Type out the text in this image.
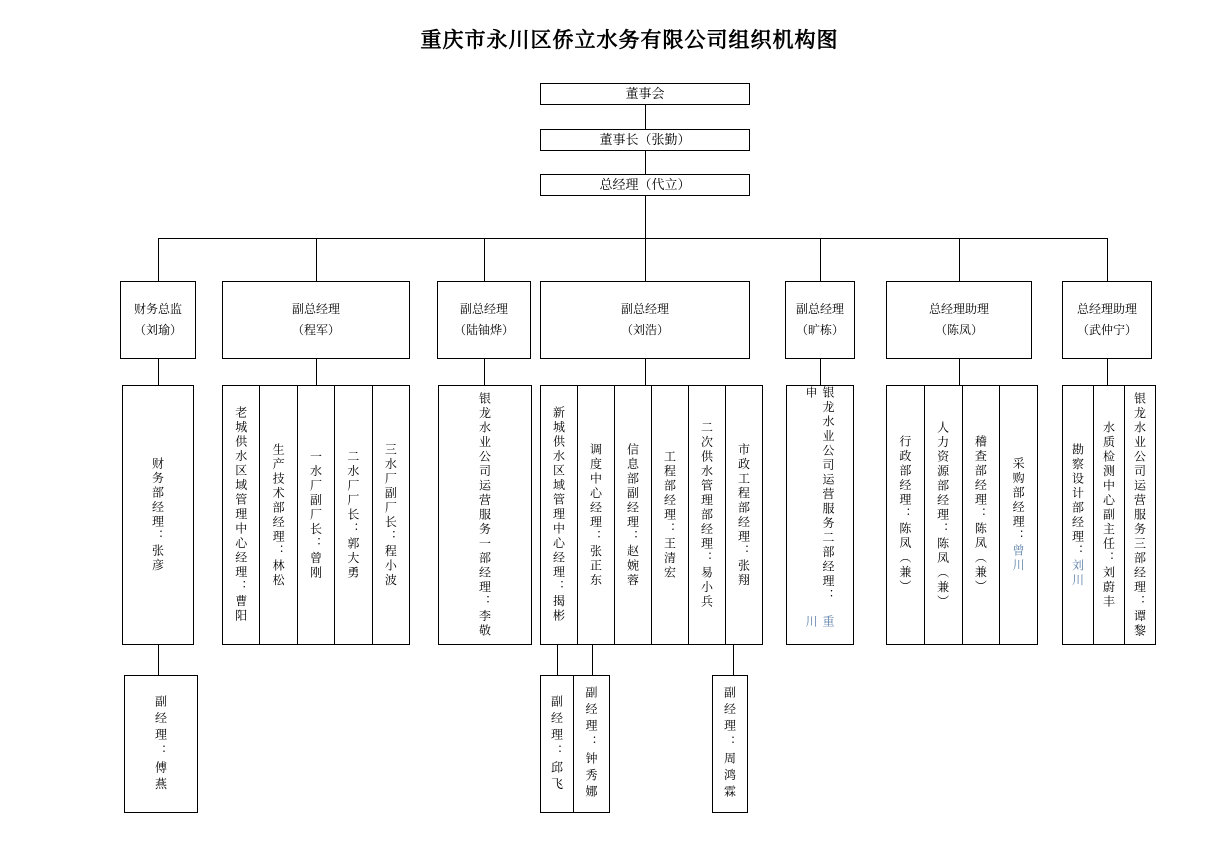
重庆市永川区侨立水务有限公司组织机构图
董事会
董事长（张勤）
总经理（代立）
财务总监
（刘瑜）
财务部经理：张彦
副总经理
（程军）
老城供水区域管理中心经理：曹阳 生产技术部经理：林松 一水厂副厂长：曾刚 二水厂厂长：郭大勇 三水厂副厂长：程小波
副总经理
（陆铀烨）
银龙水业公司运营服务一部经理：李敬
副总经理
（刘浩）
新城供水区域管理中心经理：揭彬 调度中心经理：张正东 信息部副经理：赵婉蓉 工程部经理：王清宏 二次供水管理部经理：易小兵 市政工程部经理：张翔
副总经理
（旷栋）
银龙水业公司运营服务二部经理：申
重川
总经理助理
（陈凤）
行政部经理：陈凤（兼） 人力资源部经理：陈凤（兼） 稽查部经理：陈凤（兼） 采购部经理：
曾川
总经理助理
（武仲宁）
勘察设计部经理：
刘川 水质检测中心副主任：刘蔚丰 银龙水业公司运营服务三部经理：谭黎
副经理：傅燕	副经理：邱飞 副经理：钟秀娜	副经理：周鸿霖
